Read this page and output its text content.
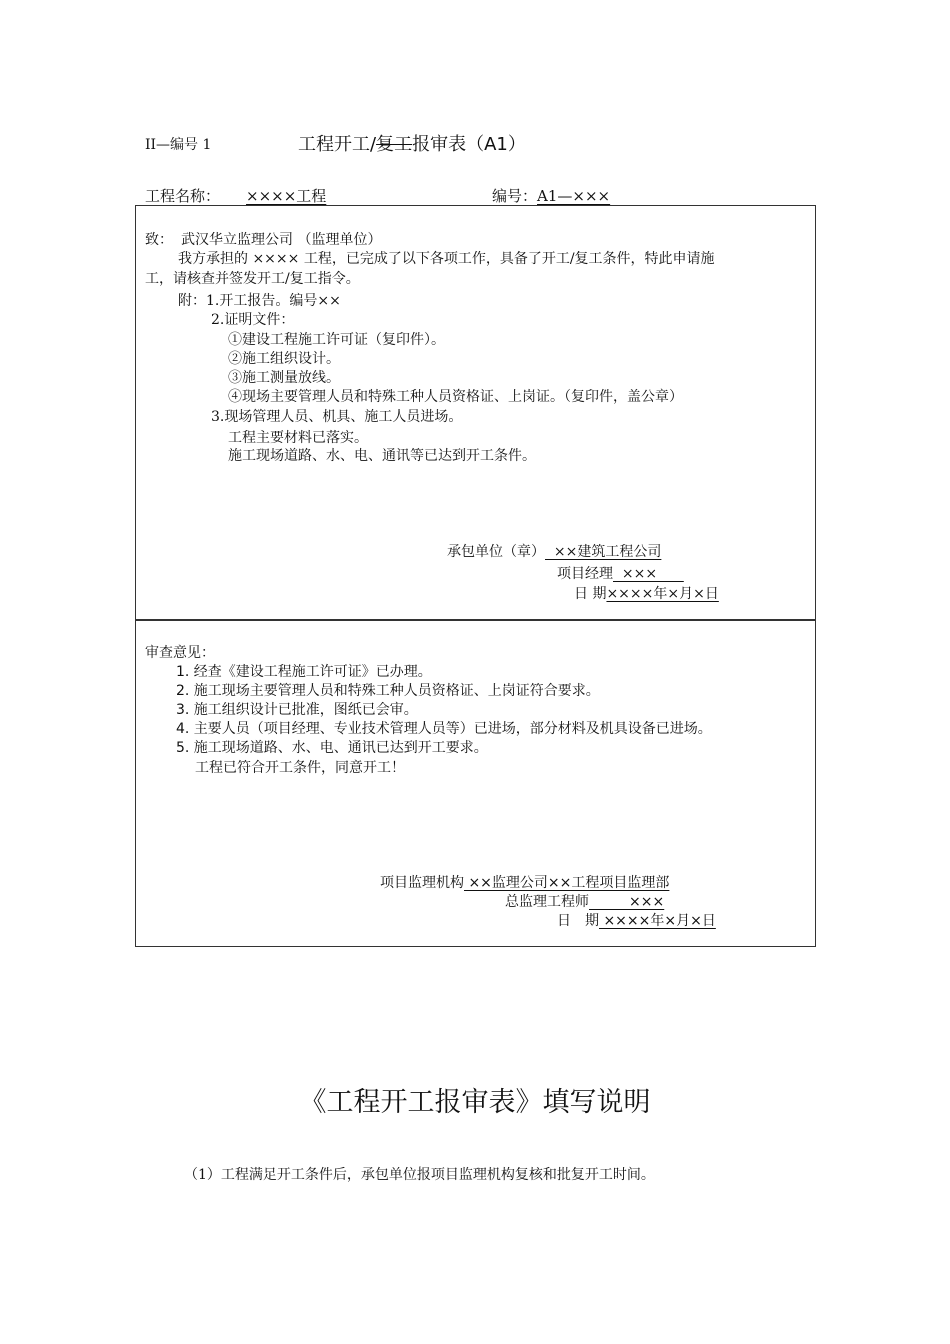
II—编号 1	工程开工/复工报审表（A1）
工程名称： ××××工程	编号：A1—×××
致： 武汉华立监理公司 （监理单位）
我方承担的 ×××× 工程，已完成了以下各项工作，具备了开工/复工条件，特此申请施
工，请核查并签发开工/复工指令。
附：1.开工报告。编号××
2.证明文件：
①建设工程施工许可证（复印件）。
②施工组织设计。
③施工测量放线。
④现场主要管理人员和特殊工种人员资格证、上岗证。（复印件，盖公章）
3.现场管理人员、机具、施工人员进场。
工程主要材料已落实。
施工现场道路、水、电、通讯等已达到开工条件。
承包单位（章）  ××建筑工程公司
项目经理  ×××
日 期××××年×月×日
审查意见：
1. 经查《建设工程施工许可证》已办理。
2. 施工现场主要管理人员和特殊工种人员资格证、上岗证符合要求。
3. 施工组织设计已批准，图纸已会审。
4. 主要人员（项目经理、专业技术管理人员等）已进场，部分材料及机具设备已进场。
5. 施工现场道路、水、电、通讯已达到开工要求。
工程已符合开工条件，同意开工！
项目监理机构 ××监理公司××工程项目监理部
总监理工程师         ×××
日　期 ××××年×月×日
《工程开工报审表》填写说明
（1）工程满足开工条件后，承包单位报项目监理机构复核和批复开工时间。
